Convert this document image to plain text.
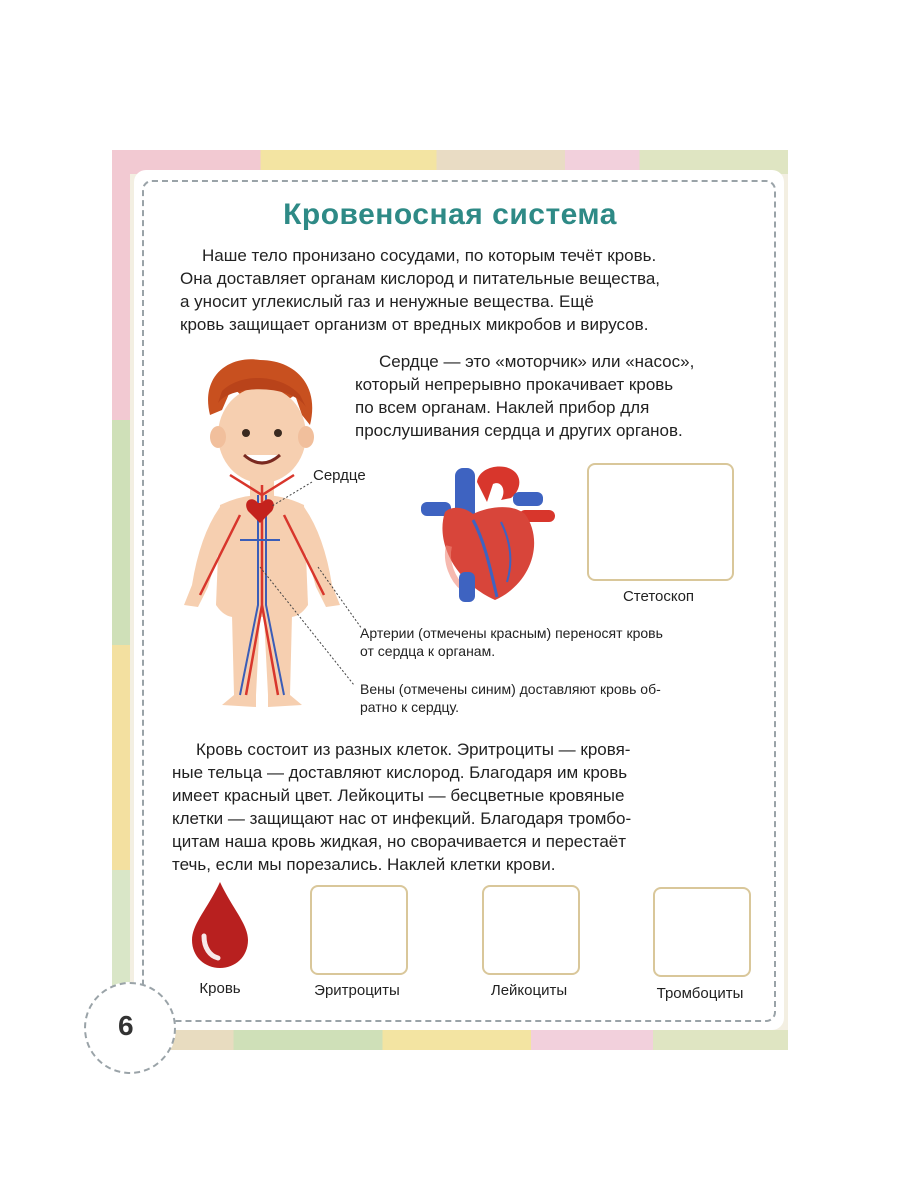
6
Кровеносная система
Наше тело пронизано сосудами, по которым течёт кровь.
Она доставляет органам кислород и питательные вещества,
а уносит углекислый газ и ненужные вещества. Ещё
кровь защищает организм от вредных микробов и вирусов.
Сердце — это «моторчик» или «насос»,
который непрерывно прокачивает кровь
по всем органам. Наклей прибор для
прослушивания сердца и других органов.
Сердце
Стетоскоп
Артерии (отмечены красным) переносят кровь
от сердца к органам.
Вены (отмечены синим) доставляют кровь об-
ратно к сердцу.
Кровь состоит из разных клеток. Эритроциты — кровя-
ные тельца — доставляют кислород. Благодаря им кровь
имеет красный цвет. Лейкоциты — бесцветные кровяные
клетки — защищают нас от инфекций. Благодаря тромбо-
цитам наша кровь жидкая, но сворачивается и перестаёт
течь, если мы порезались. Наклей клетки крови.
Кровь	Эритроциты	Лейкоциты	Тромбоциты
